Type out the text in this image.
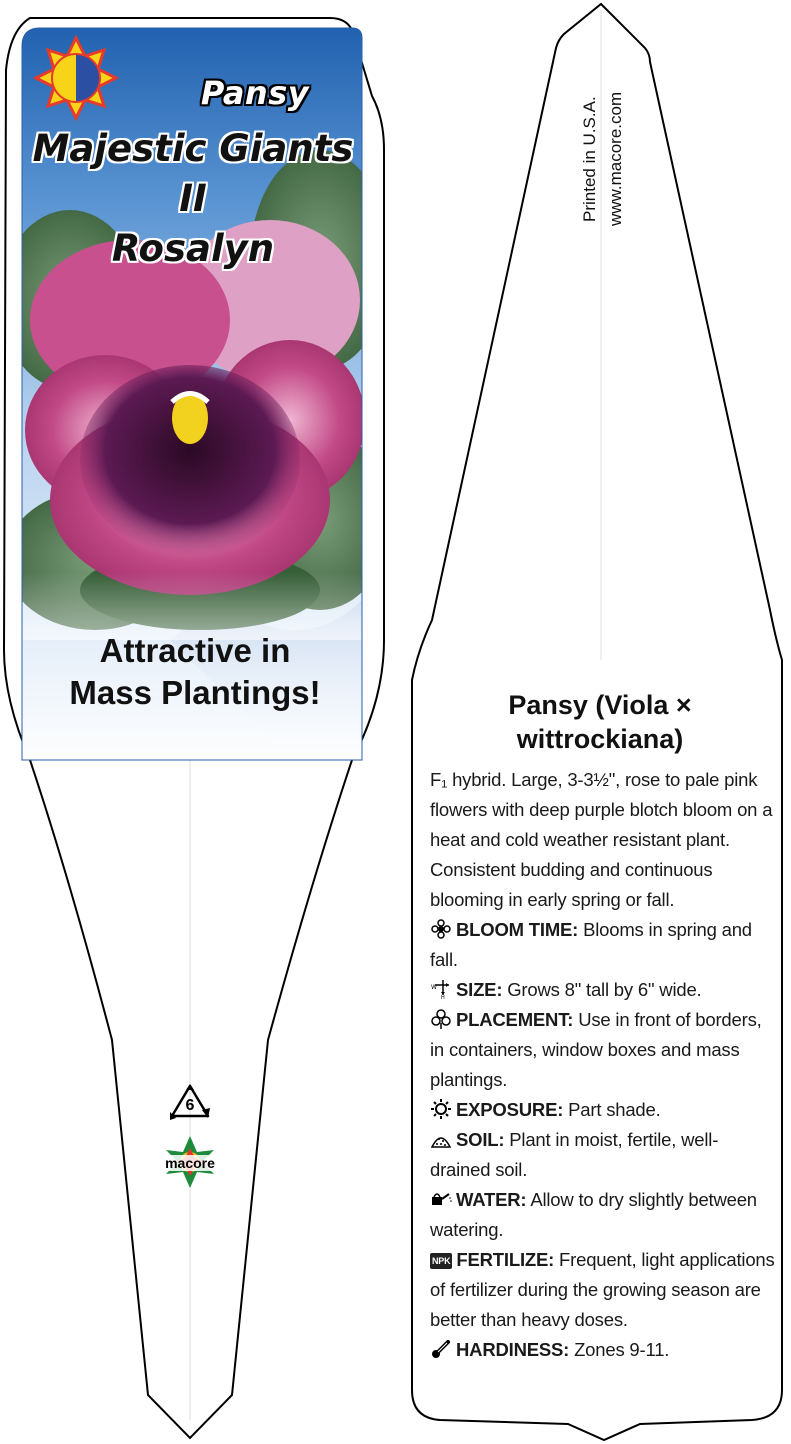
Pansy
Majestic Giants II
Rosalyn
Attractive in
Mass Plantings!
6
macore
Printed in U.S.A. www.macore.com
Pansy (Viola ×
wittrockiana)

F₁ hybrid. Large, 3-3½", rose to pale pink flowers with deep purple blotch bloom on a heat and cold weather resistant plant. Consistent budding and continuous blooming in early spring or fall.

BLOOM TIME: Blooms in spring and fall.

W
H SIZE: Grows 8" tall by 6" wide.

PLACEMENT: Use in front of borders, in containers, window boxes and mass plantings.

EXPOSURE: Part shade.

SOIL: Plant in moist, fertile, well-drained soil.

WATER: Allow to dry slightly between watering.

NPK FERTILIZE: Frequent, light applications of fertilizer during the growing season are better than heavy doses.

HARDINESS: Zones 9-11.
